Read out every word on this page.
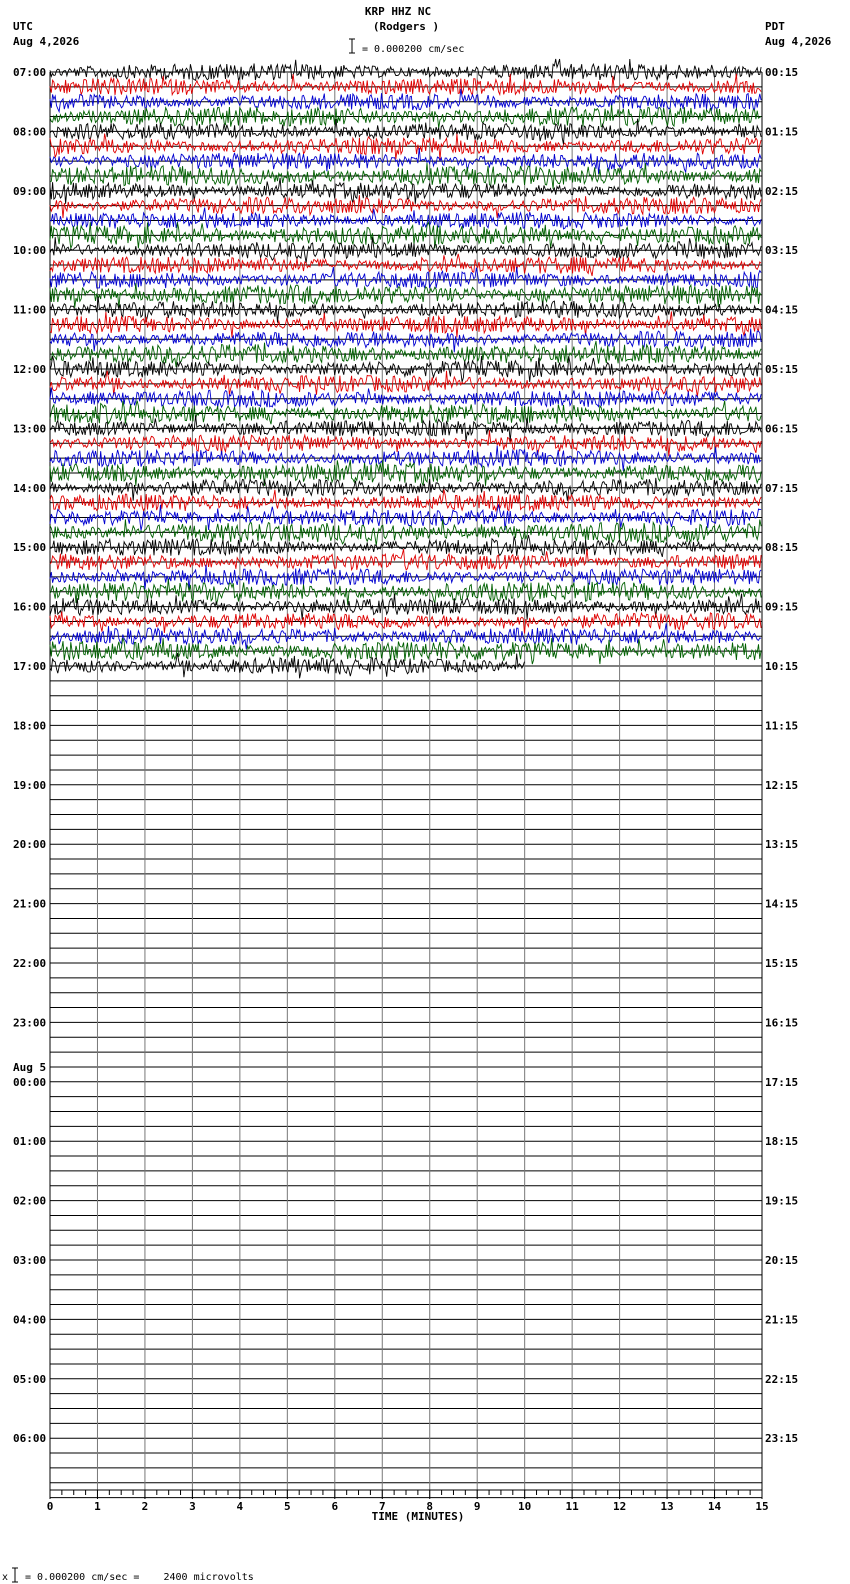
KRP HHZ NC
(Rodgers )
UTC
Aug 4,2026
PDT
Aug 4,2026
= 0.000200 cm/sec
07:00
08:00
09:00
10:00
11:00
12:00
13:00
14:00
15:00
16:00
17:00
18:00
19:00
20:00
21:00
22:00
23:00
00:00
01:00
02:00
03:00
04:00
05:00
06:00
Aug 5
00:15
01:15
02:15
03:15
04:15
05:15
06:15
07:15
08:15
09:15
10:15
11:15
12:15
13:15
14:15
15:15
16:15
17:15
18:15
19:15
20:15
21:15
22:15
23:15
0	1	2	3	4	5	6	7	8	9	10	11	12	13	14	15
TIME (MINUTES)
x = 0.000200 cm/sec =    2400 microvolts
